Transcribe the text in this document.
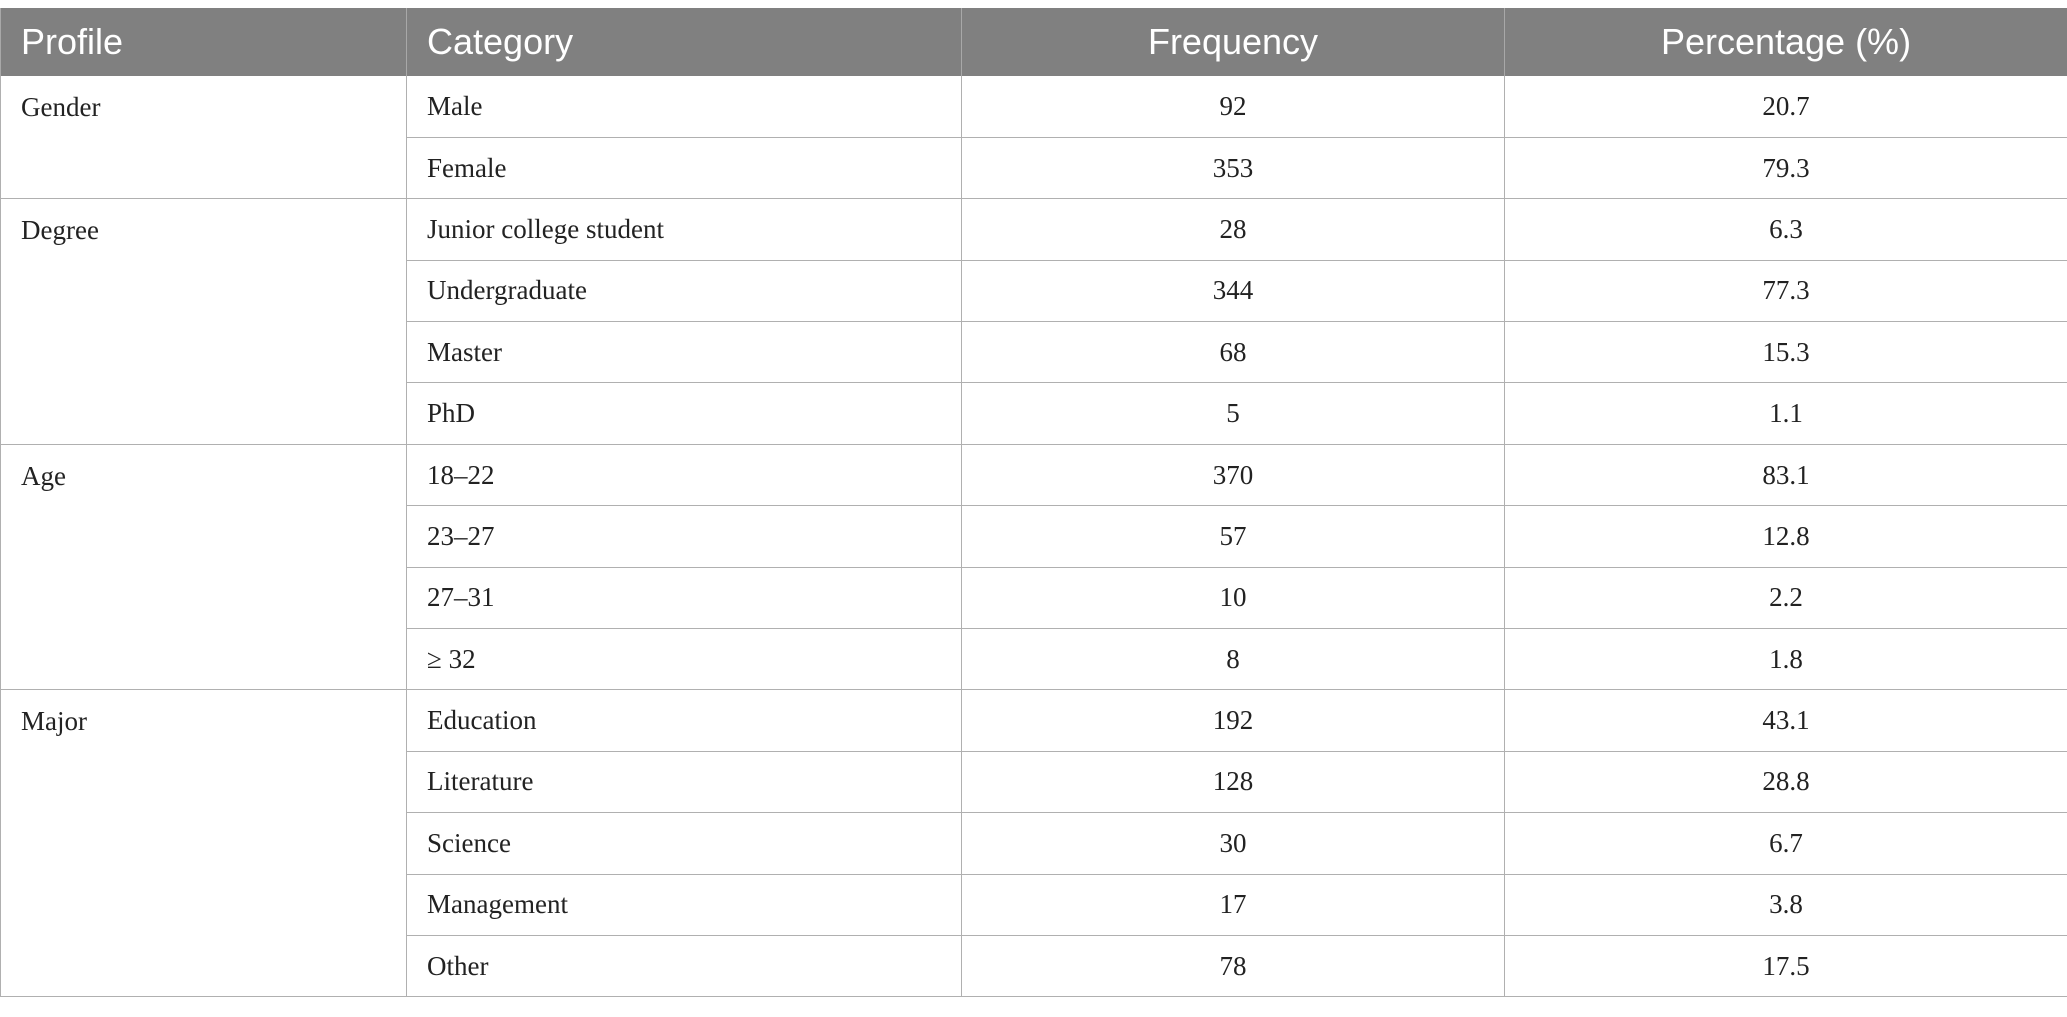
Profile	Category	Frequency	Percentage (%)
Gender	Male	92	20.7
	Female	353	79.3
Degree	Junior college student	28	6.3
	Undergraduate	344	77.3
	Master	68	15.3
	PhD	5	1.1
Age	18–22	370	83.1
	23–27	57	12.8
	27–31	10	2.2
	≥ 32	8	1.8
Major	Education	192	43.1
	Literature	128	28.8
	Science	30	6.7
	Management	17	3.8
	Other	78	17.5
